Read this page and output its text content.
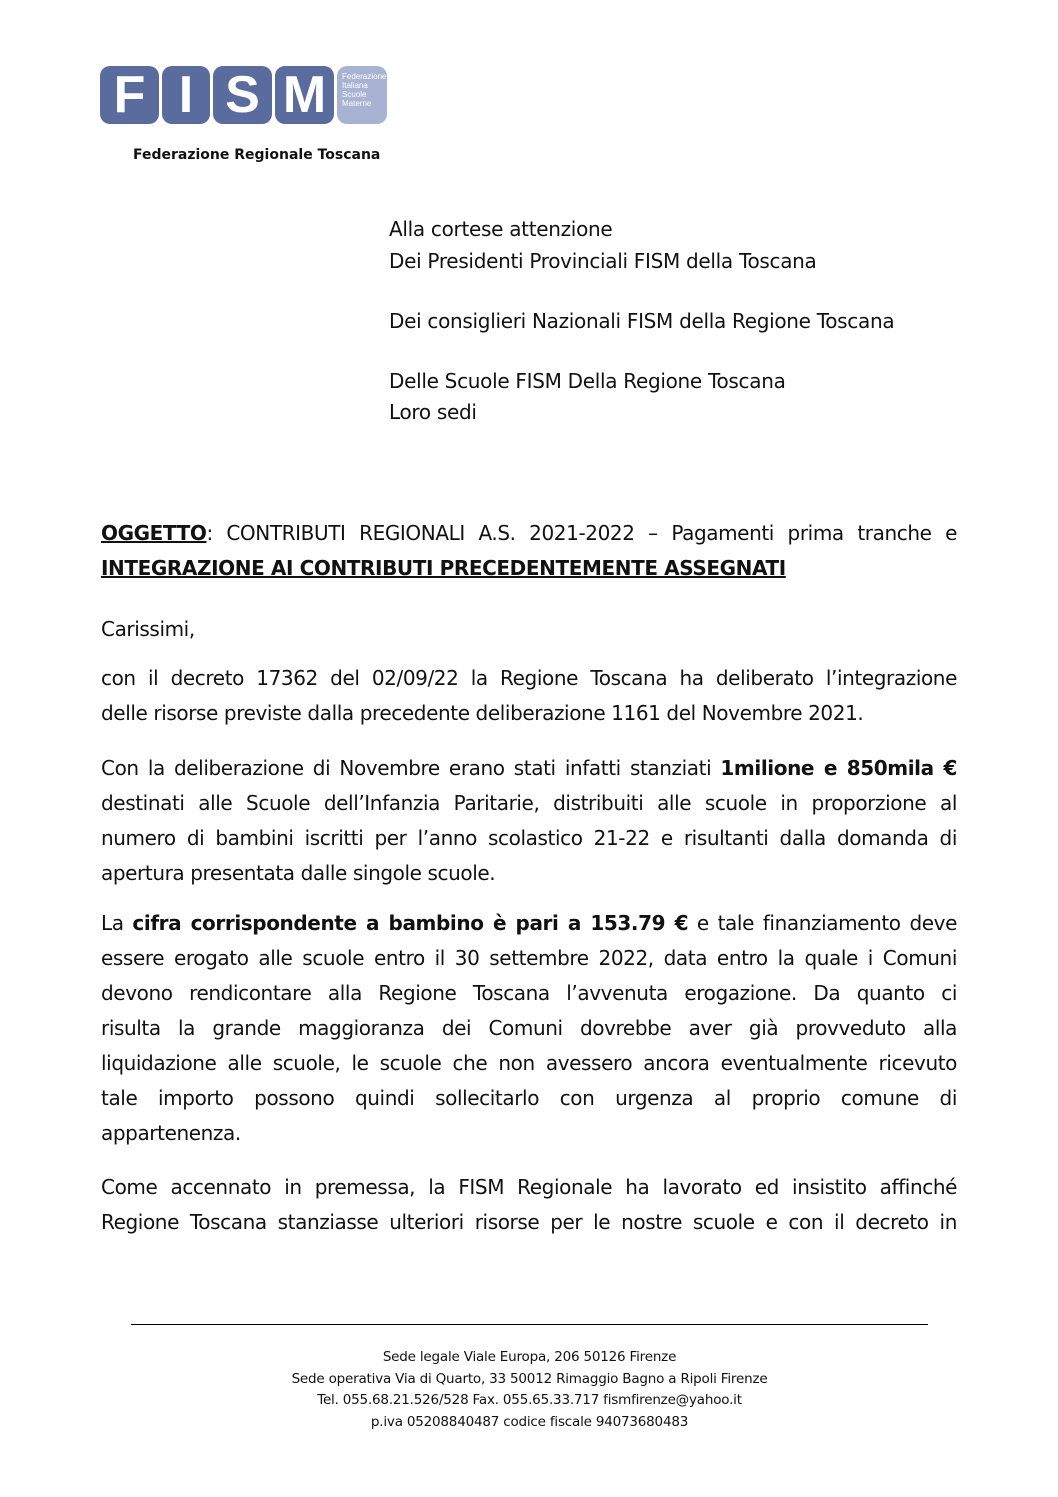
F I S M	Federazione
Italiana
Scuole
Materne
Federazione Regionale Toscana
Alla cortese attenzione
Dei Presidenti Provinciali FISM della Toscana
Dei consiglieri Nazionali FISM della Regione Toscana
Delle Scuole FISM Della Regione Toscana
Loro sedi
OGGETTO: CONTRIBUTI REGIONALI A.S. 2021-2022 – Pagamenti prima tranche e
INTEGRAZIONE AI CONTRIBUTI PRECEDENTEMENTE ASSEGNATI
Carissimi,
con il decreto 17362 del 02/09/22 la Regione Toscana ha deliberato l’integrazione
delle risorse previste dalla precedente deliberazione 1161 del Novembre 2021.
Con la deliberazione di Novembre erano stati infatti stanziati 1milione e 850mila €
destinati alle Scuole dell’Infanzia Paritarie, distribuiti alle scuole in proporzione al
numero di bambini iscritti per l’anno scolastico 21-22 e risultanti dalla domanda di
apertura presentata dalle singole scuole.
La cifra corrispondente a bambino è pari a 153.79 € e tale finanziamento deve
essere erogato alle scuole entro il 30 settembre 2022, data entro la quale i Comuni
devono rendicontare alla Regione Toscana l’avvenuta erogazione. Da quanto ci
risulta la grande maggioranza dei Comuni dovrebbe aver già provveduto alla
liquidazione alle scuole, le scuole che non avessero ancora eventualmente ricevuto
tale importo possono quindi sollecitarlo con urgenza al proprio comune di
appartenenza.
Come accennato in premessa, la FISM Regionale ha lavorato ed insistito affinché
Regione Toscana stanziasse ulteriori risorse per le nostre scuole e con il decreto in
Sede legale Viale Europa, 206 50126 Firenze
Sede operativa Via di Quarto, 33 50012 Rimaggio Bagno a Ripoli Firenze
Tel. 055.68.21.526/528 Fax. 055.65.33.717 fismfirenze@yahoo.it
p.iva 05208840487 codice fiscale 94073680483
